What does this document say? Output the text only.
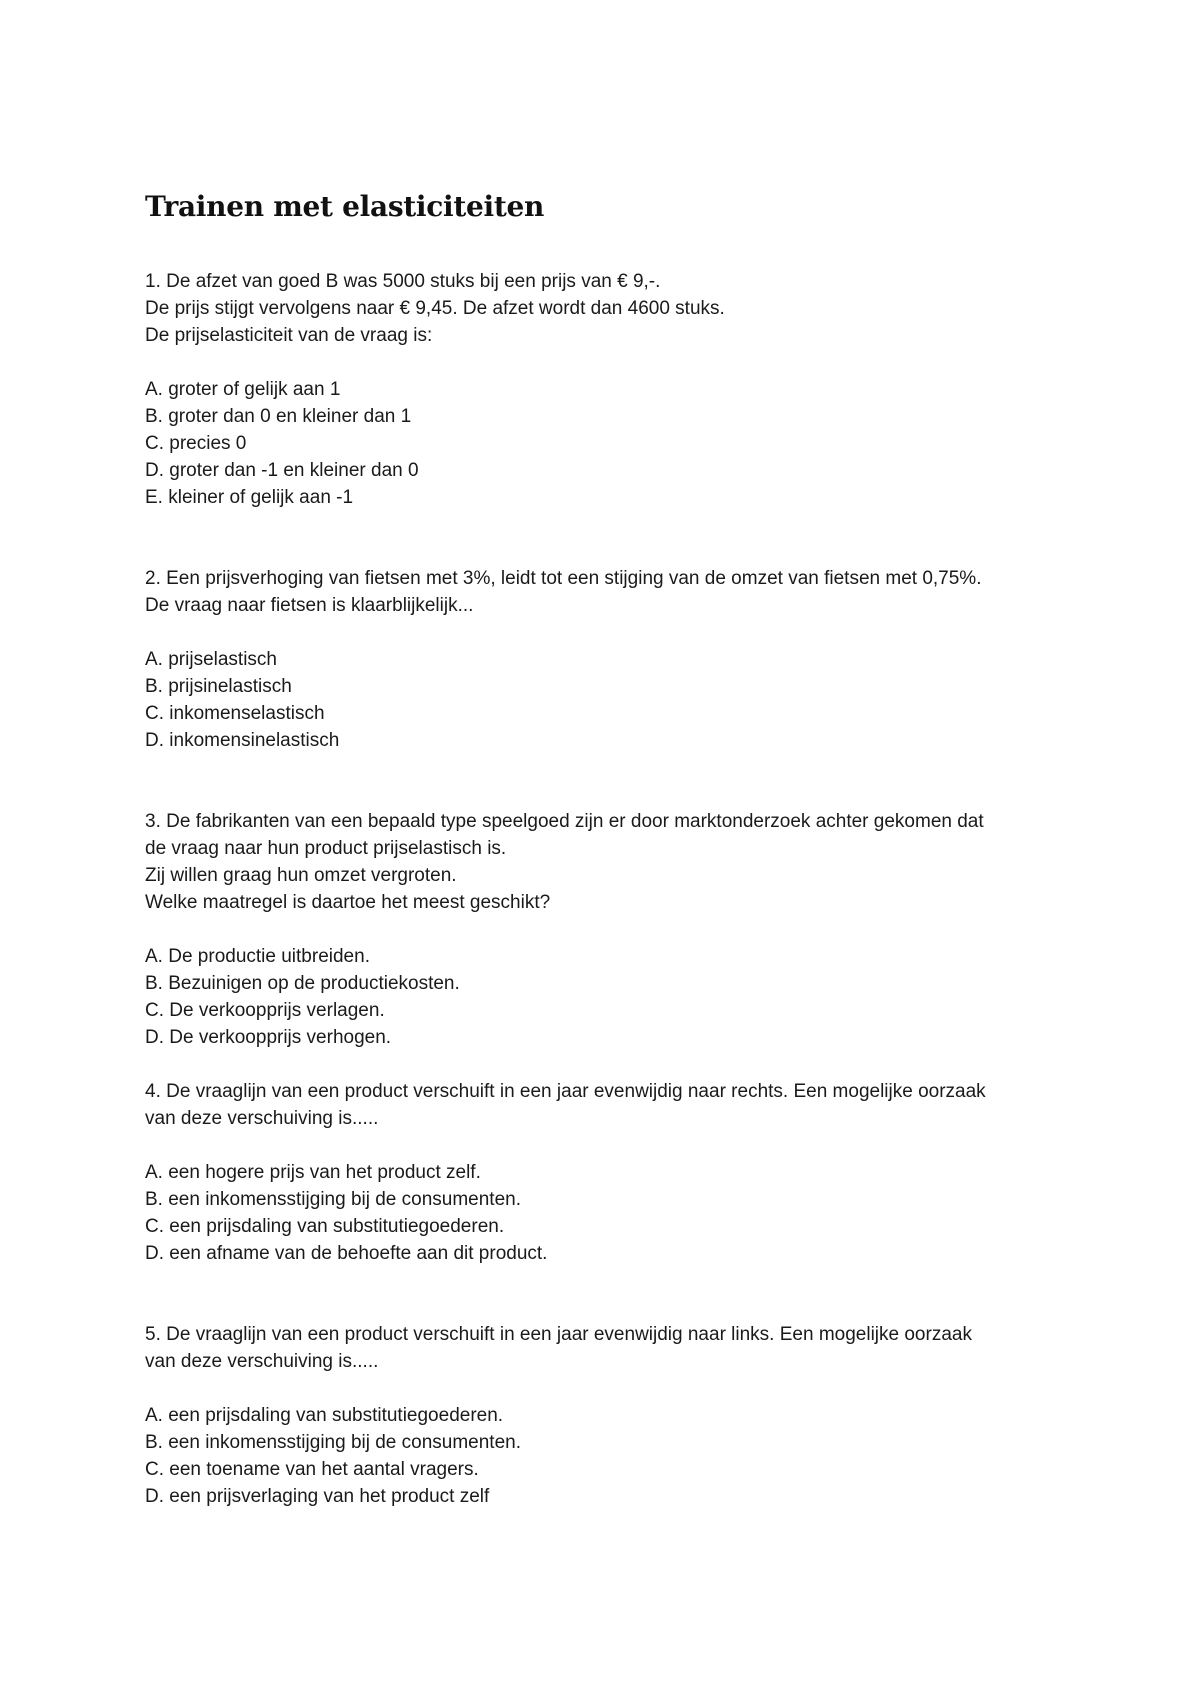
Trainen met elasticiteiten
1. De afzet van goed B was 5000 stuks bij een prijs van € 9,-.
De prijs stijgt vervolgens naar € 9,45. De afzet wordt dan 4600 stuks.
De prijselasticiteit van de vraag is:
A. groter of gelijk aan 1
B. groter dan 0 en kleiner dan 1
C. precies 0
D. groter dan -1 en kleiner dan 0
E. kleiner of gelijk aan -1
2. Een prijsverhoging van fietsen met 3%, leidt tot een stijging van de omzet van fietsen met 0,75%.
De vraag naar fietsen is klaarblijkelijk...
A. prijselastisch
B. prijsinelastisch
C. inkomenselastisch
D. inkomensinelastisch
3. De fabrikanten van een bepaald type speelgoed zijn er door marktonderzoek achter gekomen dat
de vraag naar hun product prijselastisch is.
Zij willen graag hun omzet vergroten.
Welke maatregel is daartoe het meest geschikt?
A. De productie uitbreiden.
B. Bezuinigen op de productiekosten.
C. De verkoopprijs verlagen.
D. De verkoopprijs verhogen.
4. De vraaglijn van een product verschuift in een jaar evenwijdig naar rechts. Een mogelijke oorzaak
van deze verschuiving is.....
A. een hogere prijs van het product zelf.
B. een inkomensstijging bij de consumenten.
C. een prijsdaling van substitutiegoederen.
D. een afname van de behoefte aan dit product.
5. De vraaglijn van een product verschuift in een jaar evenwijdig naar links. Een mogelijke oorzaak
van deze verschuiving is.....
A. een prijsdaling van substitutiegoederen.
B. een inkomensstijging bij de consumenten.
C. een toename van het aantal vragers.
D. een prijsverlaging van het product zelf
